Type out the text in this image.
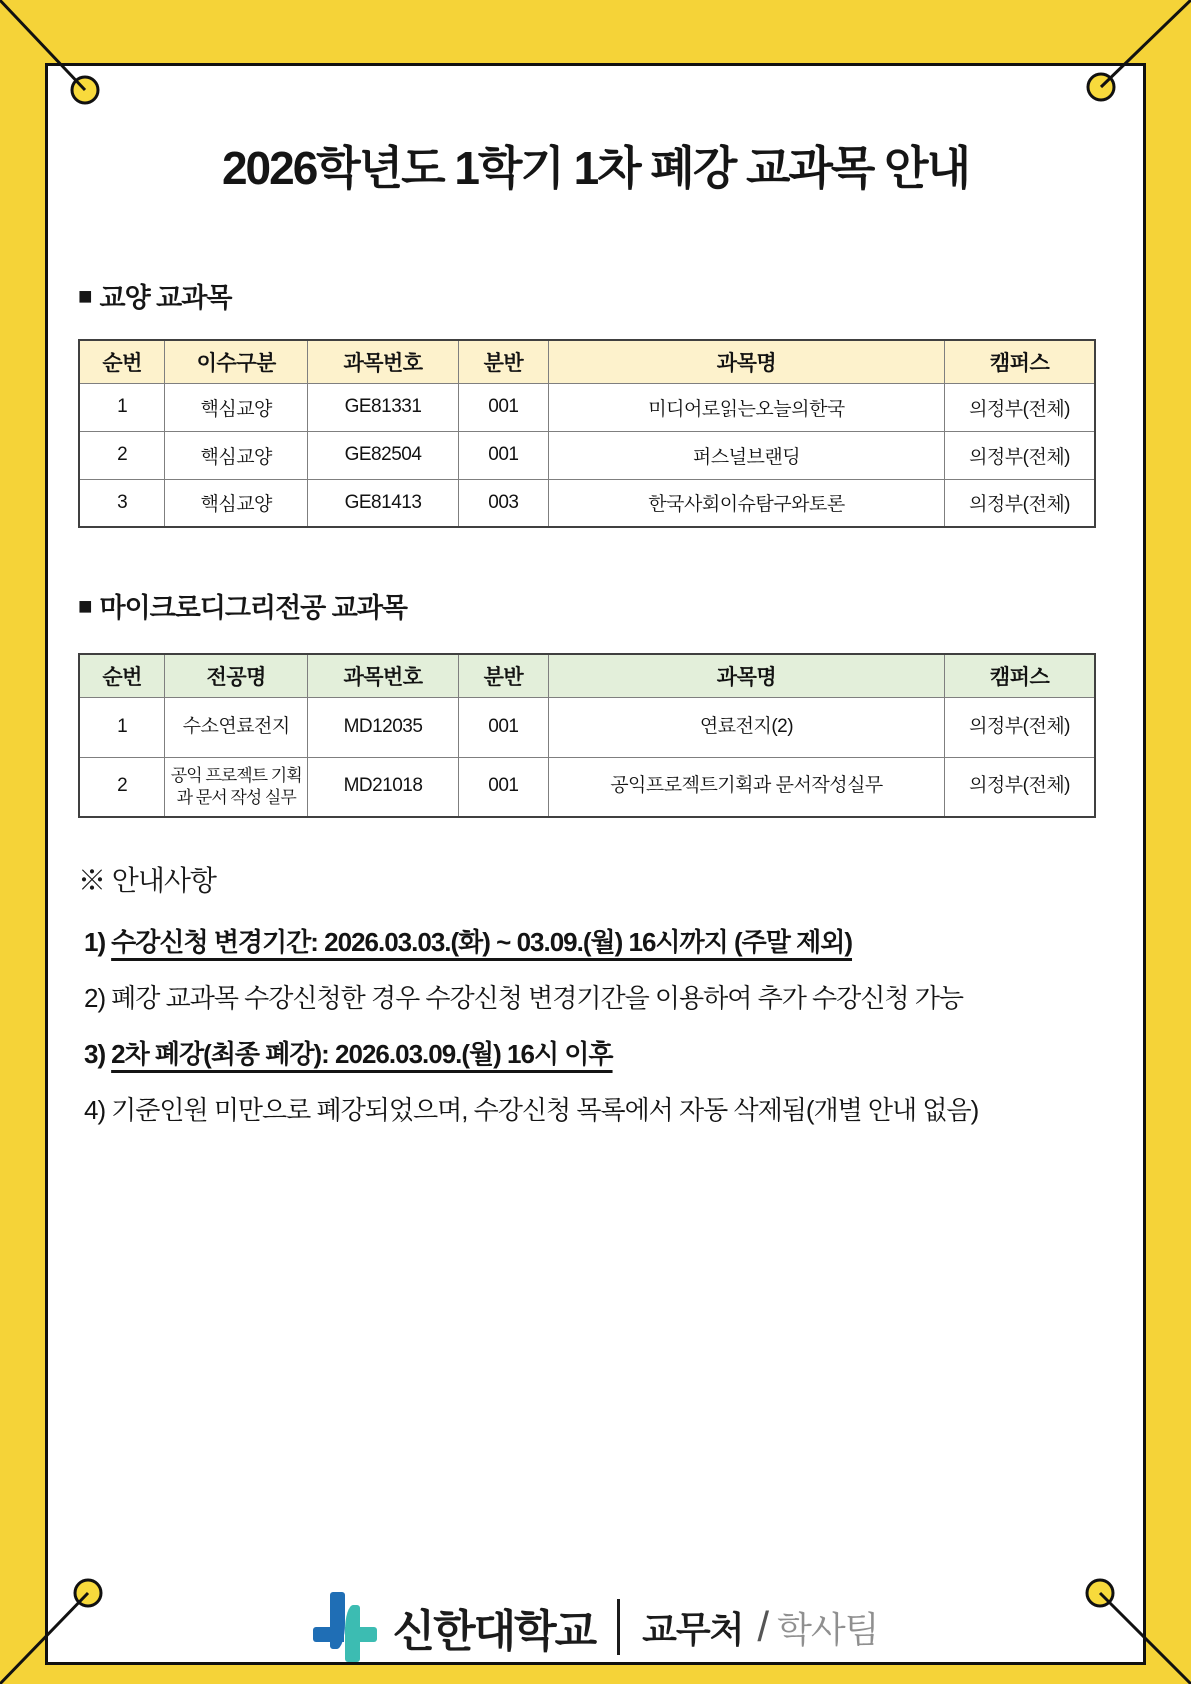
2026학년도 1학기 1차 폐강 교과목 안내
■ 교양 교과목
순번	이수구분	과목번호	분반	과목명	캠퍼스
1	핵심교양	GE81331	001	미디어로읽는오늘의한국	의정부(전체)
2	핵심교양	GE82504	001	퍼스널브랜딩	의정부(전체)
3	핵심교양	GE81413	003	한국사회이슈탐구와토론	의정부(전체)
■ 마이크로디그리전공 교과목
순번	전공명	과목번호	분반	과목명	캠퍼스
1	수소연료전지	MD12035	001	연료전지(2)	의정부(전체)
2	공익 프로젝트 기획과 문서 작성 실무	MD21018	001	공익프로젝트기획과 문서작성실무	의정부(전체)
※ 안내사항
1) 수강신청 변경기간: 2026.03.03.(화) ~ 03.09.(월) 16시까지 (주말 제외)
2) 폐강 교과목 수강신청한 경우 수강신청 변경기간을 이용하여 추가 수강신청 가능
3) 2차 폐강(최종 폐강): 2026.03.09.(월) 16시 이후
4) 기준인원 미만으로 폐강되었으며, 수강신청 목록에서 자동 삭제됨(개별 안내 없음)
신한대학교 교무처 / 학사팀
